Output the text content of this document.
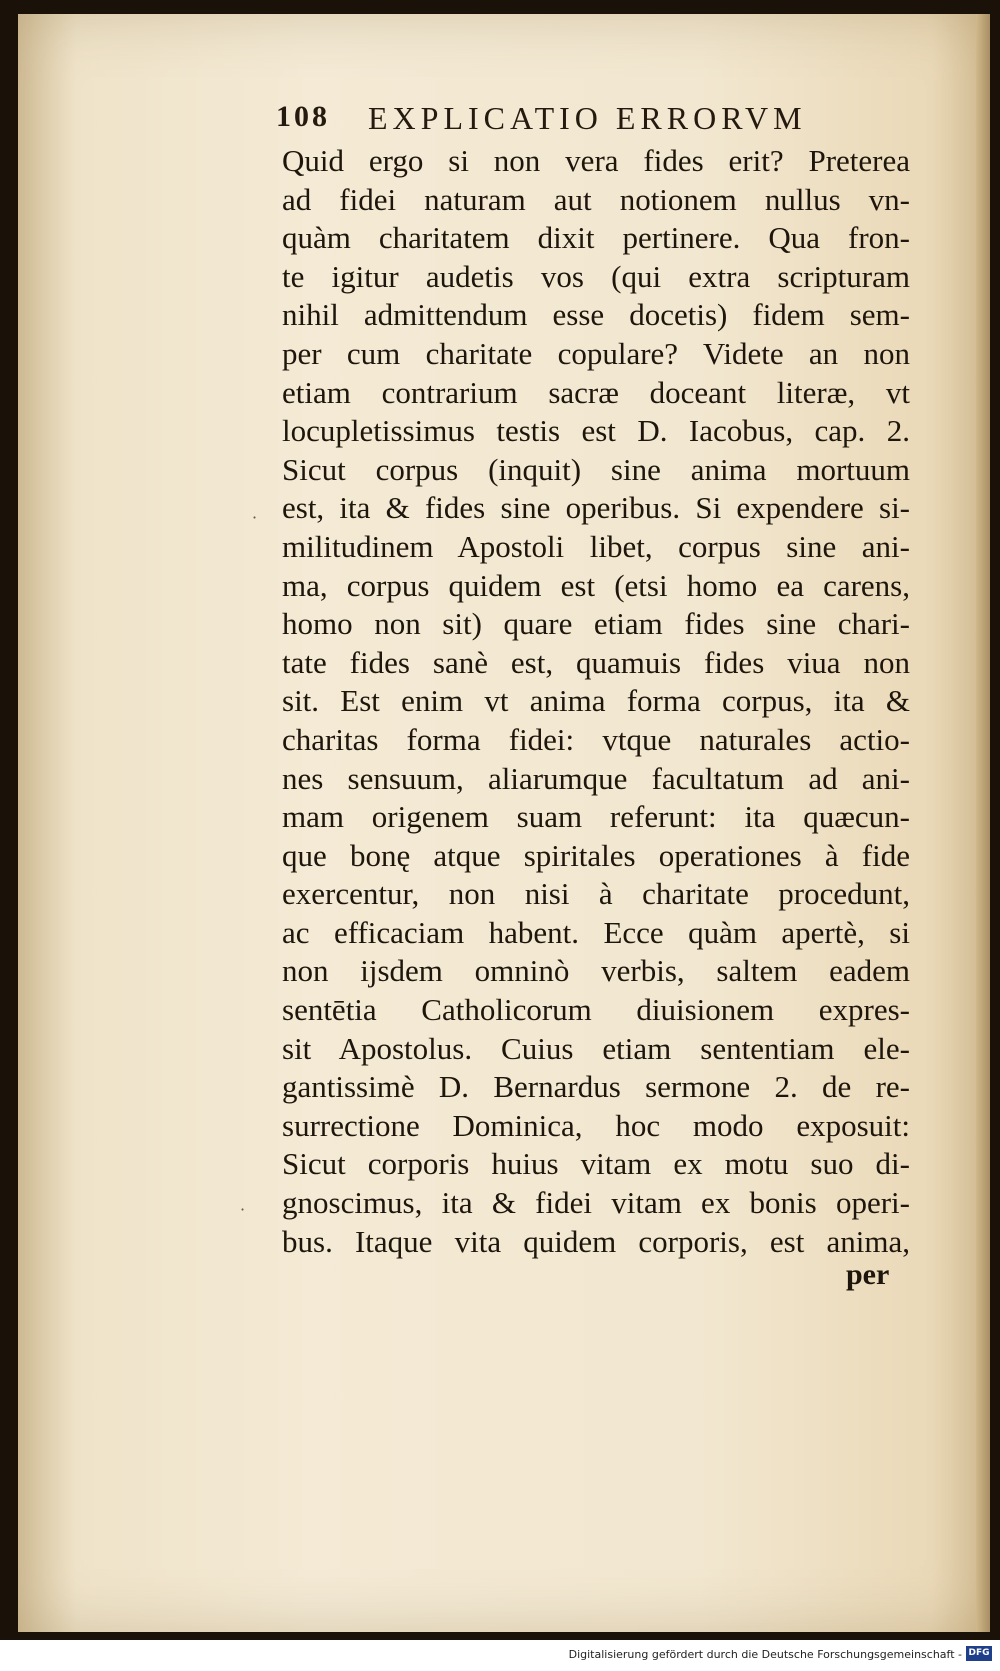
108 EXPLICATIO ERRORVM
Quid ergo si non vera fides erit? Preterea
ad fidei naturam aut notionem nullus vn-
quàm charitatem dixit pertinere. Qua fron-
te igitur audetis vos (qui extra scripturam
nihil admittendum esse docetis) fidem sem-
per cum charitate copulare? Videte an non
etiam contrarium sacræ doceant literæ, vt
locupletissimus testis est D. Iacobus, cap. 2.
Sicut corpus (inquit) sine anima mortuum
est, ita & fides sine operibus. Si expendere si-
militudinem Apostoli libet, corpus sine ani-
ma, corpus quidem est (etsi homo ea carens,
homo non sit) quare etiam fides sine chari-
tate fides sanè est, quamuis fides viua non
sit. Est enim vt anima forma corpus, ita &
charitas forma fidei: vtque naturales actio-
nes sensuum, aliarumque facultatum ad ani-
mam origenem suam referunt: ita quæcun-
que bonę atque spiritales operationes à fide
exercentur, non nisi à charitate procedunt,
ac efficaciam habent. Ecce quàm apertè, si
non ijsdem omninò verbis, saltem eadem
sentētia Catholicorum diuisionem expres-
sit Apostolus. Cuius etiam sententiam ele-
gantissimè D. Bernardus sermone 2. de re-
surrectione Dominica, hoc modo exposuit:
Sicut corporis huius vitam ex motu suo di-
gnoscimus, ita & fidei vitam ex bonis operi-
bus. Itaque vita quidem corporis, est anima,
per
·
·
Digitalisierung gefördert durch die Deutsche Forschungsgemeinschaft - DFG
